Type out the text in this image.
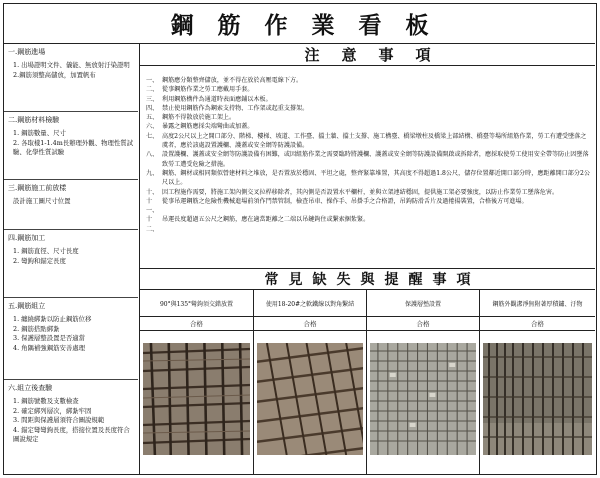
鋼筋作業看板
一.鋼筋進場
1. 出場證明文件、儀能、無放射汙染證明
2.鋼筋須整高儲放，加置帆布
二.鋼筋材料檢驗
1. 鋼筋數量、尺寸
2. 各取樣1-1.4m長辦理外觀、物理性質試驗、化學性質試驗
三.鋼筋施工前放樣
設計施工圖尺寸位置
四.鋼筋加工
1. 鋼筋直徑、尺寸長度
2. 彎鉤和錨定長度
五.鋼筋組立
1. 纏繞綁紮以防止鋼筋位移
2. 鋼筋搭點綁紮
3. 保護層整設置是否適當
4. 角隅補強鋼筋安善處理
六.組立後查驗
1. 鋼筋號數及支數檢查
2. 確定綁列層次，綁紮牢固
3. 間距與保護層須符合圖說規範
4. 錨定彎彎鉤長度，搭接位置及長度符合圖說規定
注意事項
一、 鋼筋應分類整齊儲放，並不得在放於高壓電線下方。
二、 從事鋼筋作業之勞工應戴用手套。
三、 利用鋼筋構件為通道時表面應鋪以木板。
四、 禁止使用鋼筋作為鋼索支持物、工作架或起重支撐架。
五、 鋼筋不得散放於施工架上。
六、 暴露之鋼筋應採尖端彎曲或加蓋。
七、 高度2公尺以上之開口部分、階梯、樓梯、坡道、工作臺、擋土牆、擋土支撐、施工構臺、橋梁墩柱及橋梁上部結構、橋臺等場所組筋作業，勞工有遭受墜落之虞者，應於該處設置護欄、護蓋或安全網等防護設備。
八、 設置護欄、護蓋或安全網等防護設備有困難，或因組筋作業之需要臨時將護欄、護蓋或安全網等防護設備開啟或拆除者，應採取使勞工使用安全帶等防止因墜落致勞工遭受危險之措施。
九、 鋼筋、鋼材或相同類似營建材料之堆放，是否置放於穩固、平坦之處，整齊緊靠堆置，其高度不得超過1.8公尺，儲存位置鄰近開口部分時，應距離開口部分2公尺以上。
十、 因工程施作需要，將施工架內側交叉拉桿移除者，其內側是否設置水平欄杆，並與立架連結穩固，提供施工架必要強度，以防止作業勞工墜落危害。
十一、
從事吊運鋼筋之危險性機械進場前須作門禁管制，檢查吊車、操作手、吊掛手之合格證，吊鉤防滑舌片及過捲揚裝置，合格後方可進場。
十二、
吊運長度超過五公尺之鋼筋，應在適當距離之二端以吊鏈鉤住或繫索捆紮緊。
常見缺失與提醒事項
90°與135°彎鉤須交錯放置
合格
使用18-20#之軟鐵線以對角繫結
合格
保護層墊設置
合格
鋼筋外觀潔淨無附著厚積鏽、汙物
合格
